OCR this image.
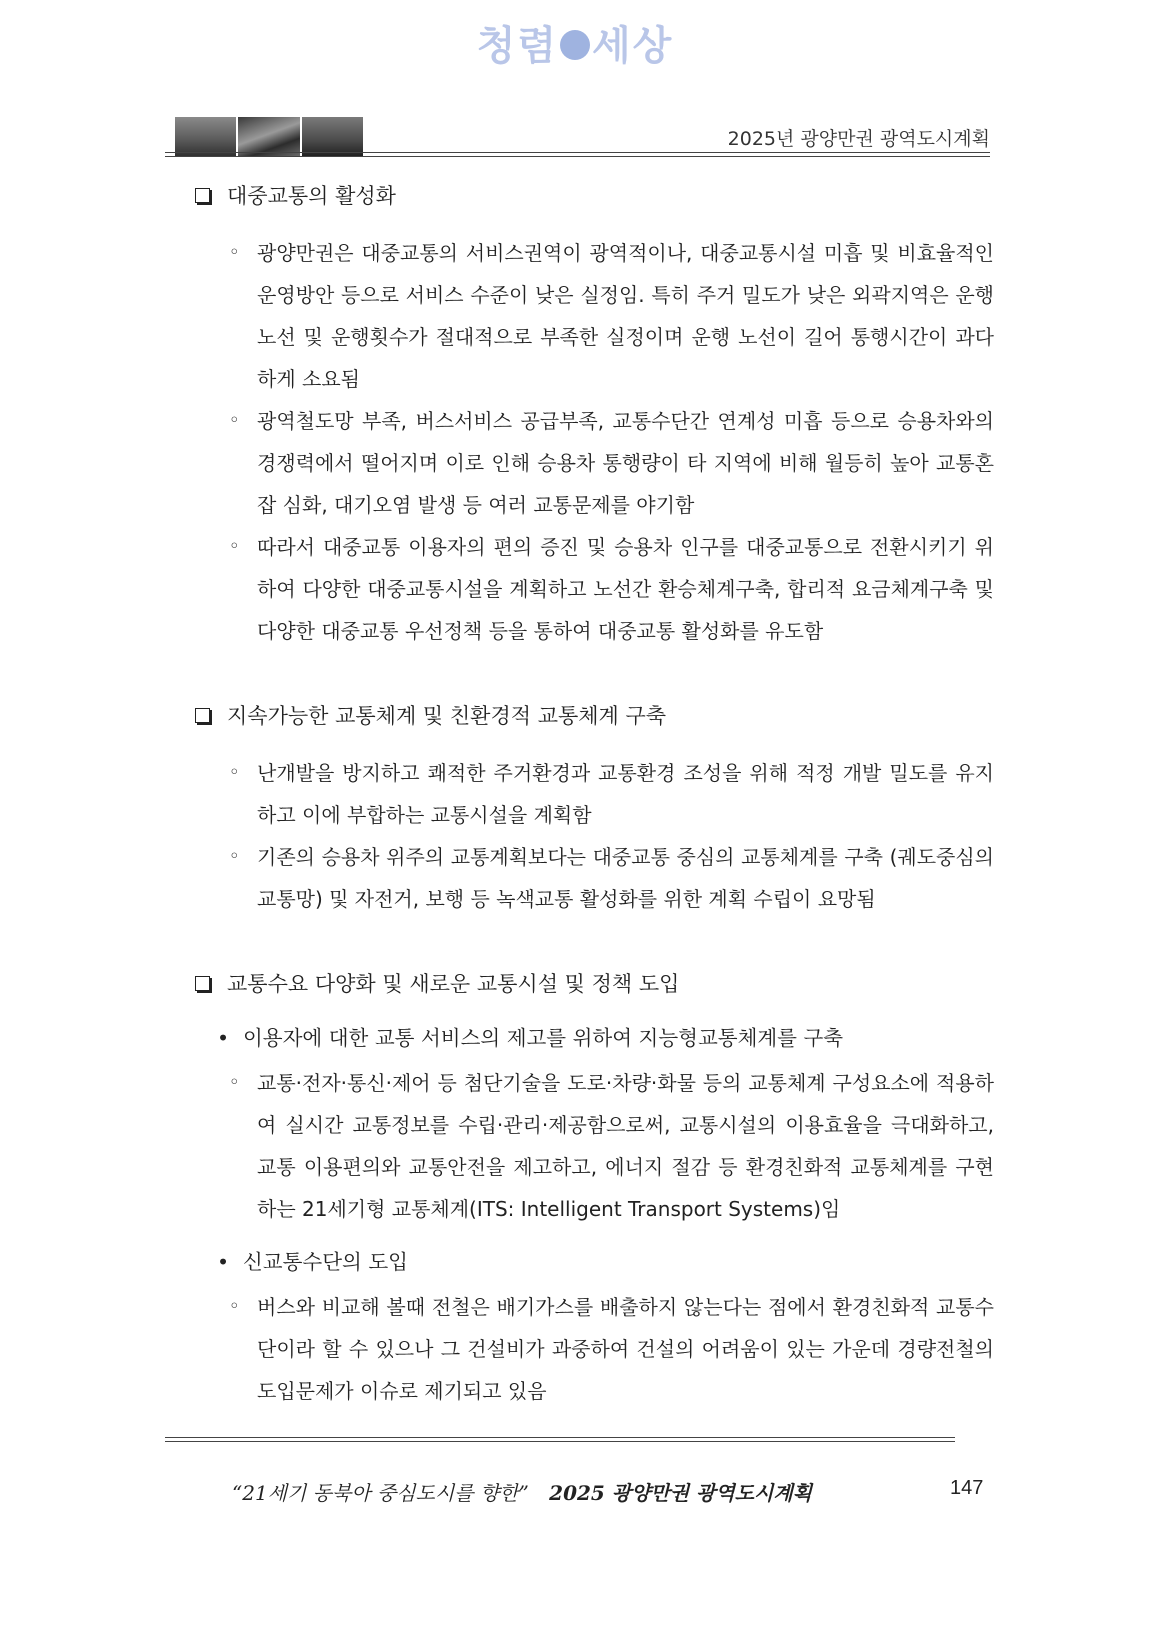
청렴 세상
2025년 광양만권 광역도시계획
대중교통의 활성화
◦ 광양만권은 대중교통의 서비스권역이 광역적이나, 대중교통시설 미흡 및 비효율적인 운영방안 등으로 서비스 수준이 낮은 실정임. 특히 주거 밀도가 낮은 외곽지역은 운행노선 및 운행횟수가 절대적으로 부족한 실정이며 운행 노선이 길어 통행시간이 과다하게 소요됨
◦ 광역철도망 부족, 버스서비스 공급부족, 교통수단간 연계성 미흡 등으로 승용차와의 경쟁력에서 떨어지며 이로 인해 승용차 통행량이 타 지역에 비해 월등히 높아 교통혼잡 심화, 대기오염 발생 등 여러 교통문제를 야기함
◦ 따라서 대중교통 이용자의 편의 증진 및 승용차 인구를 대중교통으로 전환시키기 위하여 다양한 대중교통시설을 계획하고 노선간 환승체계구축, 합리적 요금체계구축 및 다양한 대중교통 우선정책 등을 통하여 대중교통 활성화를 유도함
지속가능한 교통체계 및 친환경적 교통체계 구축
◦ 난개발을 방지하고 쾌적한 주거환경과 교통환경 조성을 위해 적정 개발 밀도를 유지하고 이에 부합하는 교통시설을 계획함
◦ 기존의 승용차 위주의 교통계획보다는 대중교통 중심의 교통체계를 구축 (궤도중심의 교통망) 및 자전거, 보행 등 녹색교통 활성화를 위한 계획 수립이 요망됨
교통수요 다양화 및 새로운 교통시설 및 정책 도입
• 이용자에 대한 교통 서비스의 제고를 위하여 지능형교통체계를 구축
◦ 교통·전자·통신·제어 등 첨단기술을 도로·차량·화물 등의 교통체계 구성요소에 적용하여 실시간 교통정보를 수립·관리·제공함으로써, 교통시설의 이용효율을 극대화하고, 교통 이용편의와 교통안전을 제고하고, 에너지 절감 등 환경친화적 교통체계를 구현하는 21세기형 교통체계(ITS: Intelligent Transport Systems)임
• 신교통수단의 도입
◦ 버스와 비교해 볼때 전철은 배기가스를 배출하지 않는다는 점에서 환경친화적 교통수단이라 할 수 있으나 그 건설비가 과중하여 건설의 어려움이 있는 가운데 경량전철의 도입문제가 이슈로 제기되고 있음
“21세기 동북아 중심도시를 향한” 2025 광양만권 광역도시계획	147
